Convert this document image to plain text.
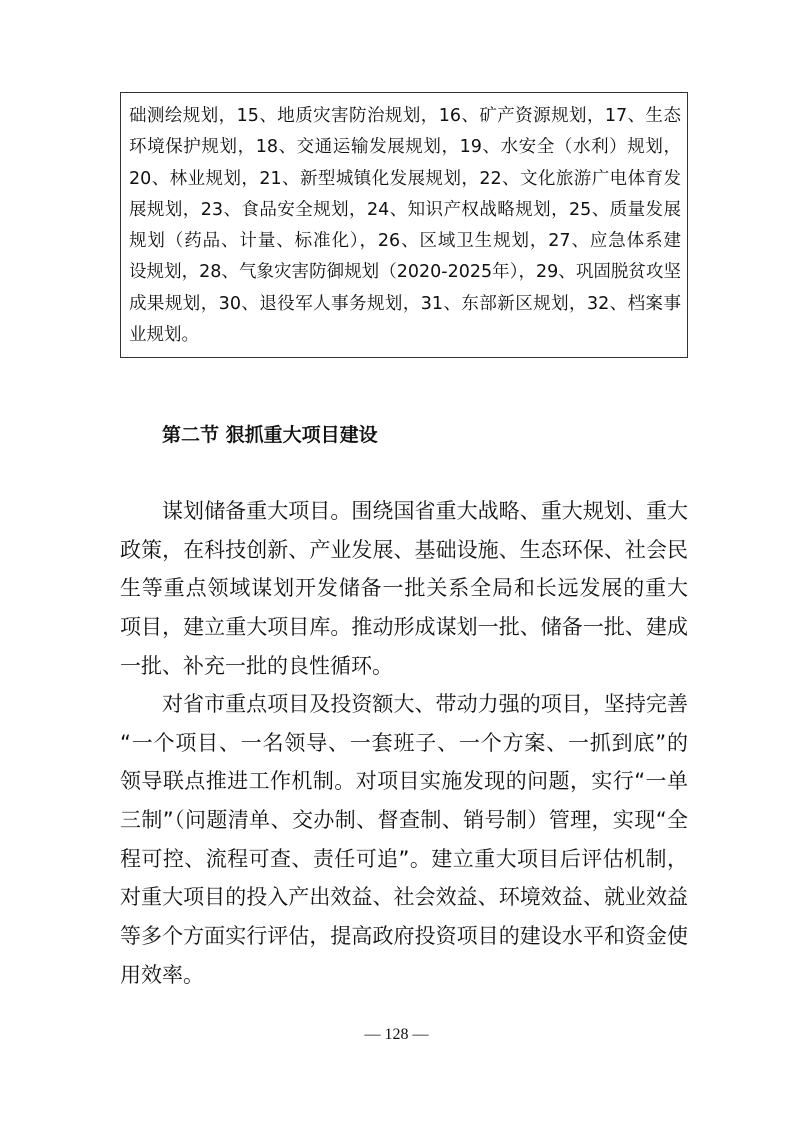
础测绘规划，15、地质灾害防治规划，16、矿产资源规划，17、生态
环境保护规划，18、交通运输发展规划，19、水安全（水利）规划，
20、林业规划，21、新型城镇化发展规划，22、文化旅游广电体育发
展规划，23、食品安全规划，24、知识产权战略规划，25、质量发展
规划（药品、计量、标准化），26、区域卫生规划，27、应急体系建
设规划，28、气象灾害防御规划（2020-2025年），29、巩固脱贫攻坚
成果规划，30、退役军人事务规划，31、东部新区规划，32、档案事
业规划。
第二节 狠抓重大项目建设
谋划储备重大项目。围绕国省重大战略、重大规划、重大
政策，在科技创新、产业发展、基础设施、生态环保、社会民
生等重点领域谋划开发储备一批关系全局和长远发展的重大
项目，建立重大项目库。推动形成谋划一批、储备一批、建成
一批、补充一批的良性循环。
对省市重点项目及投资额大、带动力强的项目，坚持完善
“一个项目、一名领导、一套班子、一个方案、一抓到底”的
领导联点推进工作机制。对项目实施发现的问题，实行“一单
三制”（问题清单、交办制、督查制、销号制）管理，实现“全
程可控、流程可查、责任可追”。建立重大项目后评估机制，
对重大项目的投入产出效益、社会效益、环境效益、就业效益
等多个方面实行评估，提高政府投资项目的建设水平和资金使
用效率。

— 128 —
